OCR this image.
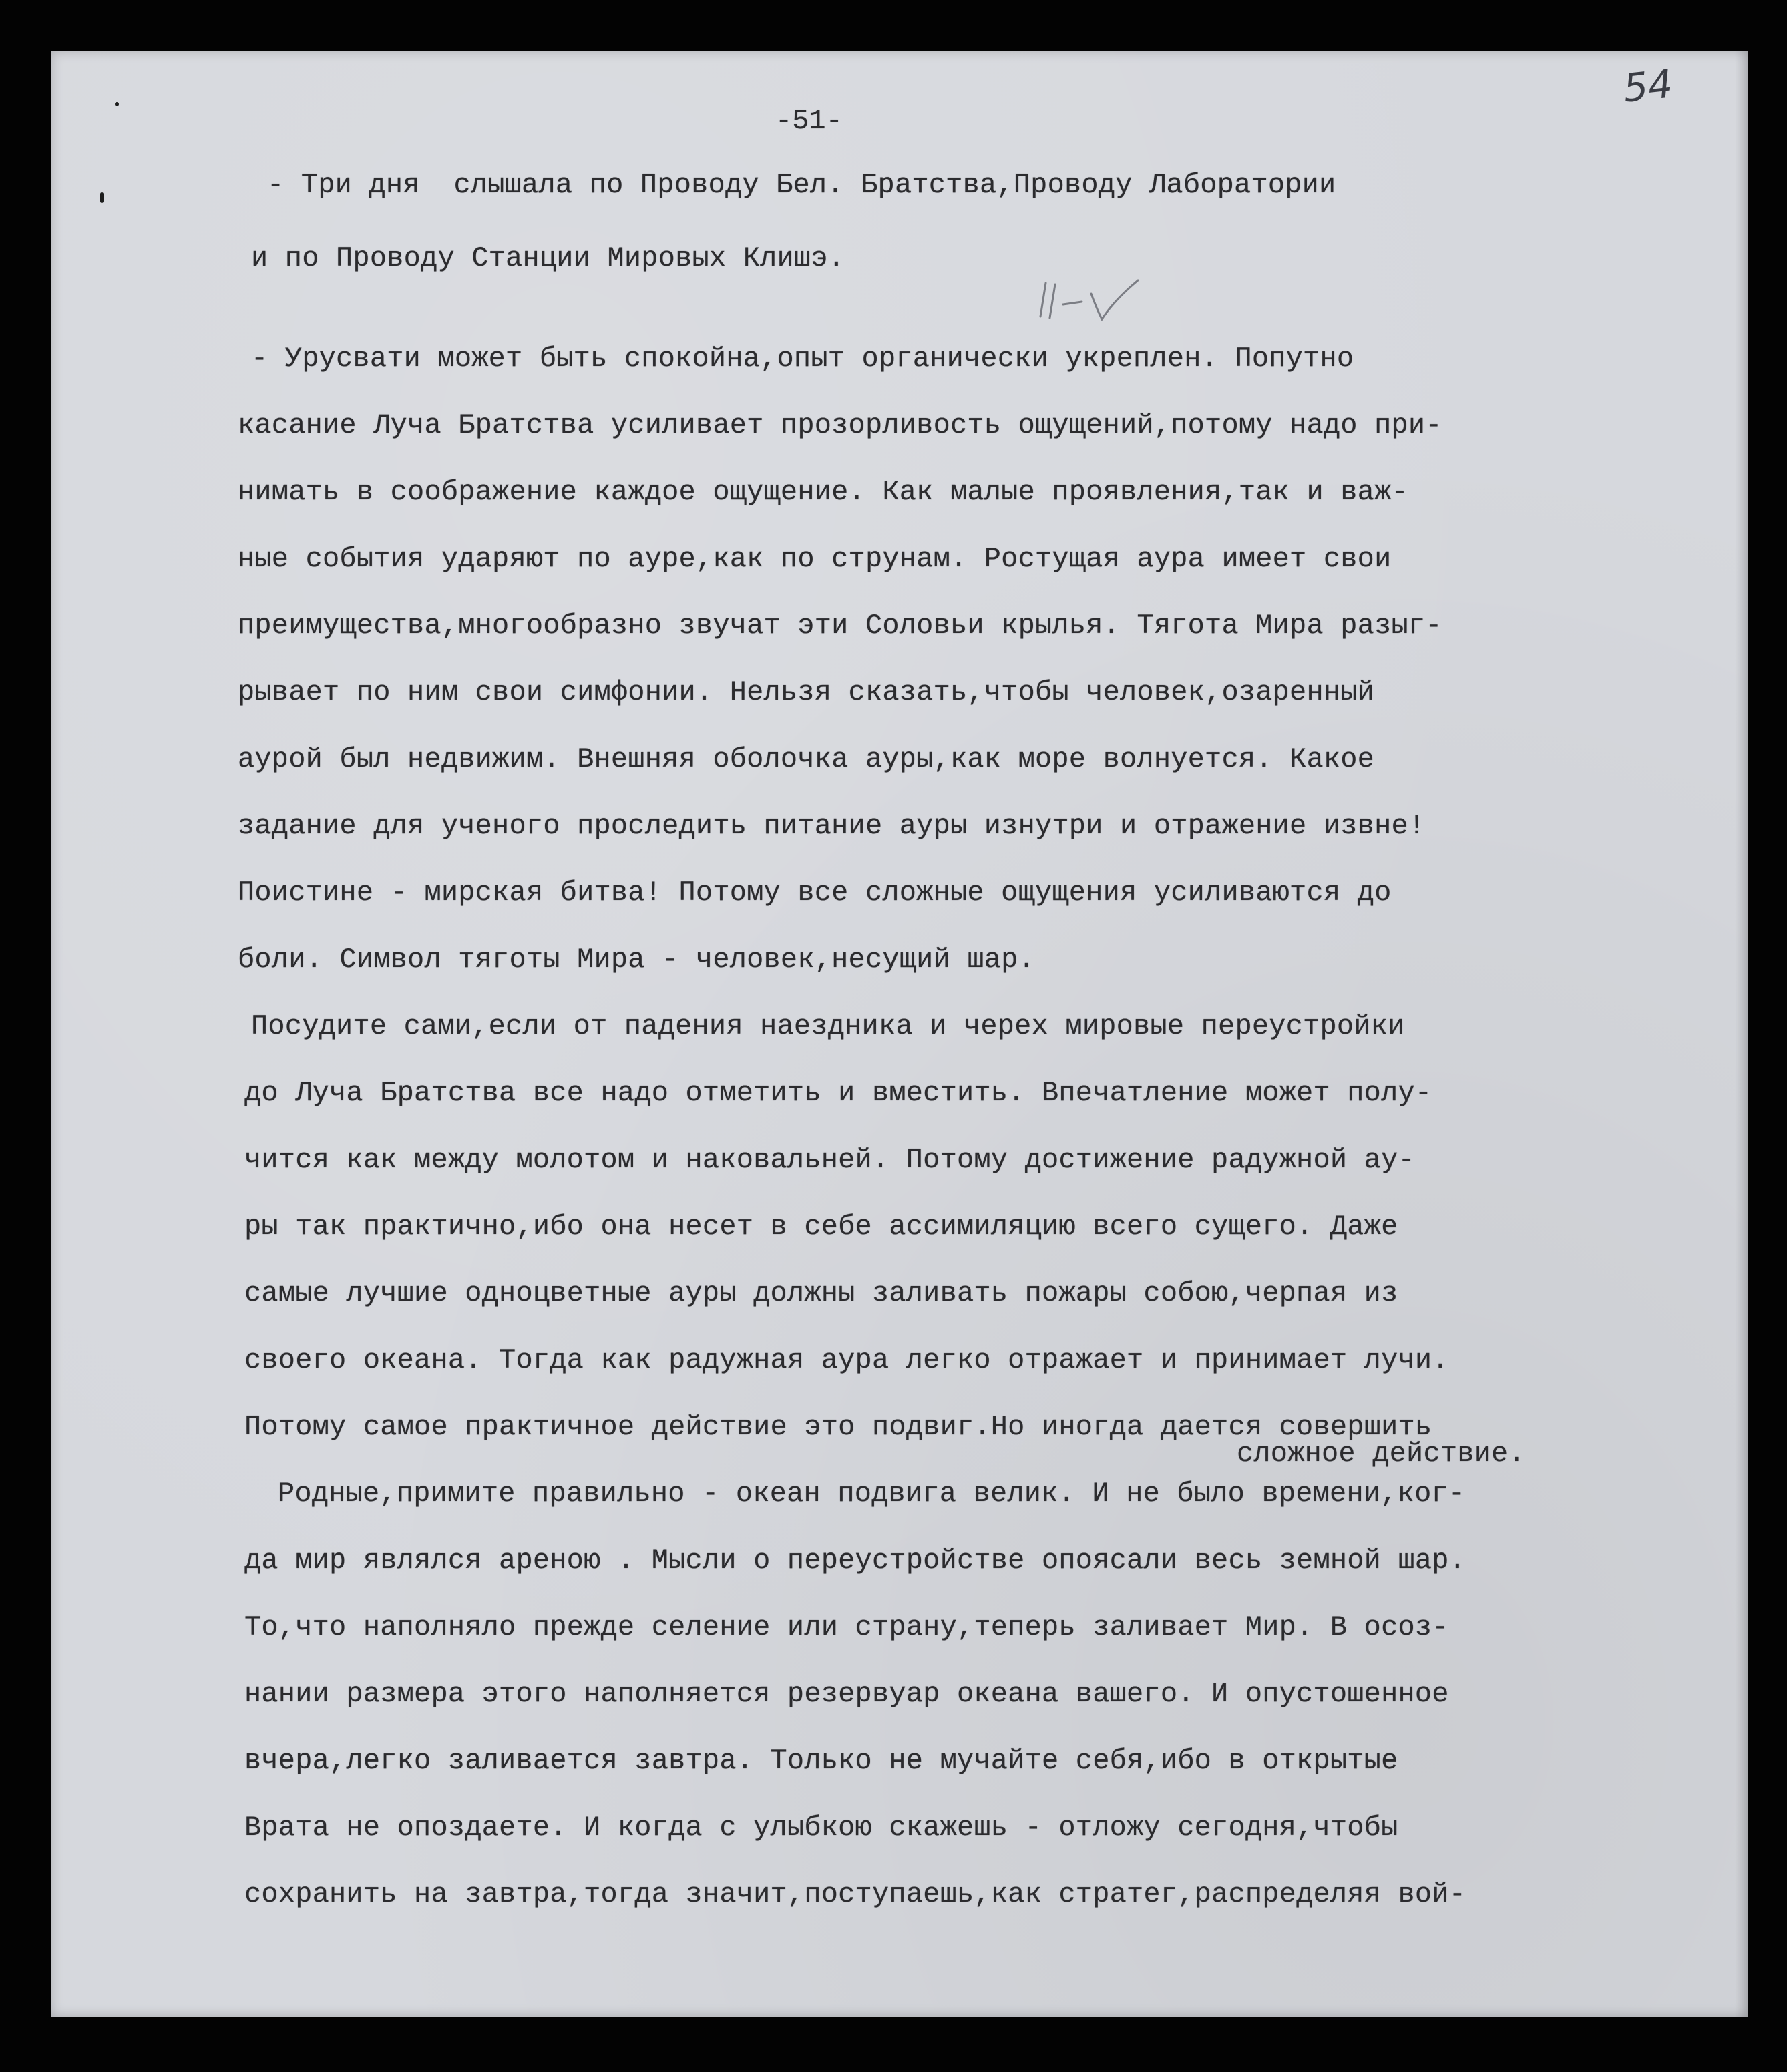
54
-51-

- Три дня  слышала по Проводу Бел. Братства,Проводу Лаборатории

и по Проводу Станции Мировых Клишэ.

- Урусвати может быть спокойна,опыт органически укреплен. Попутно

касание Луча Братства усиливает прозорливость ощущений,потому надо при-

нимать в соображение каждое ощущение. Как малые проявления,так и важ-

ные события ударяют по ауре,как по струнам. Ростущая аура имеет свои

преимущества,многообразно звучат эти Соловьи крылья. Тягота Мира разыг-

рывает по ним свои симфонии. Нельзя сказать,чтобы человек,озаренный

аурой был недвижим. Внешняя оболочка ауры,как море волнуется. Какое

задание для ученого проследить питание ауры изнутри и отражение извне!

Поистине - мирская битва! Потому все сложные ощущения усиливаются до

боли. Символ тяготы Мира - человек,несущий шар.

Посудите сами,если от падения наездника и черех мировые переустройки

до Луча Братства все надо отметить и вместить. Впечатление может полу-

чится как между молотом и наковальней. Потому достижение радужной ау-

ры так практично,ибо она несет в себе ассимиляцию всего сущего. Даже

самые лучшие одноцветные ауры должны заливать пожары собою,черпая из

своего океана. Тогда как радужная аура легко отражает и принимает лучи.

Потому самое практичное действие это подвиг.Но иногда дается совершить

сложное действие.

Родные,примите правильно - океан подвига велик. И не было времени,ког-

да мир являлся ареною . Мысли о переустройстве опоясали весь земной шар.

То,что наполняло прежде селение или страну,теперь заливает Мир. В осоз-

нании размера этого наполняется резервуар океана вашего. И опустошенное

вчера,легко заливается завтра. Только не мучайте себя,ибо в открытые

Врата не опоздаете. И когда с улыбкою скажешь - отложу сегодня,чтобы

сохранить на завтра,тогда значит,поступаешь,как стратег,распределяя вой-
